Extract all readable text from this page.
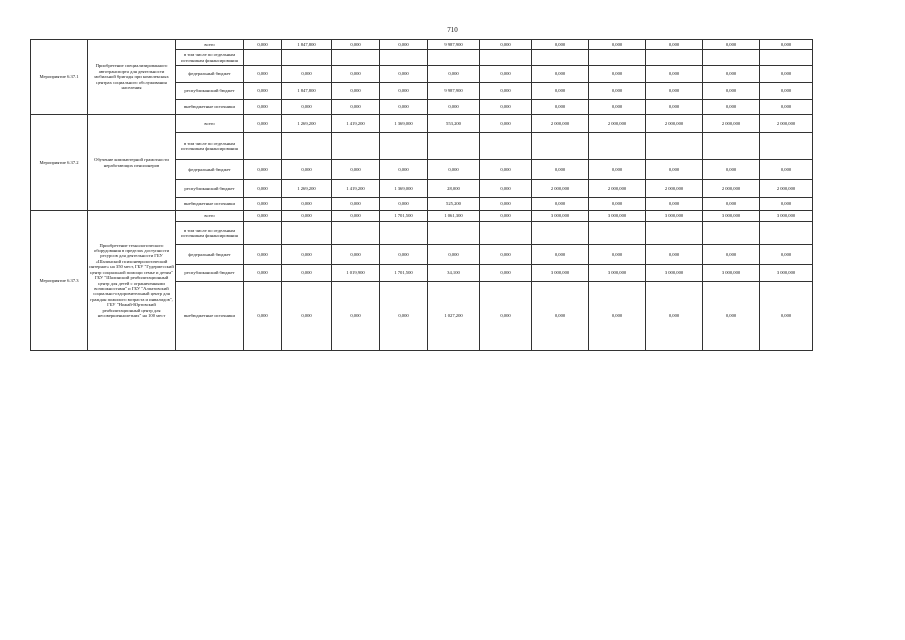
710
Мероприятие 6.37.1	Приобретение специализированного автотранспорта для деятельности мобильной бригады при комплексных центрах социального обслуживания населения	всего	0,000	1 847,800	0,000	0,000	9 987,900	0,000	0,000	0,000	0,000	0,000	0,000
		в том числе по отдельным источникам финансирования											
		федеральный бюджет	0,000	0,000	0,000	0,000	0,000	0,000	0,000	0,000	0,000	0,000	0,000
		республиканский бюджет	0,000	1 847,800	0,000	0,000	9 987,900	0,000	0,000	0,000	0,000	0,000	0,000
		внебюджетные источники	0,000	0,000	0,000	0,000	0,000	0,000	0,000	0,000	0,000	0,000	0,000
Мероприятие 6.37.2	Обучение компьютерной грамотности неработающих пенсионеров	всего	0,000	1 269,200	1 419,200	1 369,000	553,200	0,000	2 000,000	2 000,000	2 000,000	2 000,000	2 000,000
		в том числе по отдельным источникам финансирования											
		федеральный бюджет	0,000	0,000	0,000	0,000	0,000	0,000	0,000	0,000	0,000	0,000	0,000
		республиканский бюджет	0,000	1 269,200	1 419,200	1 369,000	28,000	0,000	2 000,000	2 000,000	2 000,000	2 000,000	2 000,000
		внебюджетные источники	0,000	0,000	0,000	0,000	525,200	0,000	0,000	0,000	0,000	0,000	0,000
Мероприятие 6.37.3	Приобретение технологического оборудования в пределах доступности ресурсов для деятельности ГБУ «Шалинский психоневрологический интернат» на 350 мест, ГБУ "Гудермесский центр социальной помощи семье и детям" ГБУ "Шалинский реабилитационный центр для детей с ограниченными возможностями" и ГБУ "Алпатовский социально-оздоровительный центр для граждан пожилого возраста и инвалидов", ГБУ "Ножай-Юртовский реабилитационный центр для несовершеннолетних" на 100 мест	всего	0,000	0,000	0,000	1 701,500	1 061,300	0,000	3 000,000	3 000,000	3 000,000	3 000,000	3 000,000
		в том числе по отдельным источникам финансирования											
		федеральный бюджет	0,000	0,000	0,000	0,000	0,000	0,000	0,000	0,000	0,000	0,000	0,000
		республиканский бюджет	0,000	0,000	1 019,900	1 701,500	34,100	0,000	3 000,000	3 000,000	3 000,000	3 000,000	3 000,000
		внебюджетные источники	0,000	0,000	0,000	0,000	1 027,200	0,000	0,000	0,000	0,000	0,000	0,000
